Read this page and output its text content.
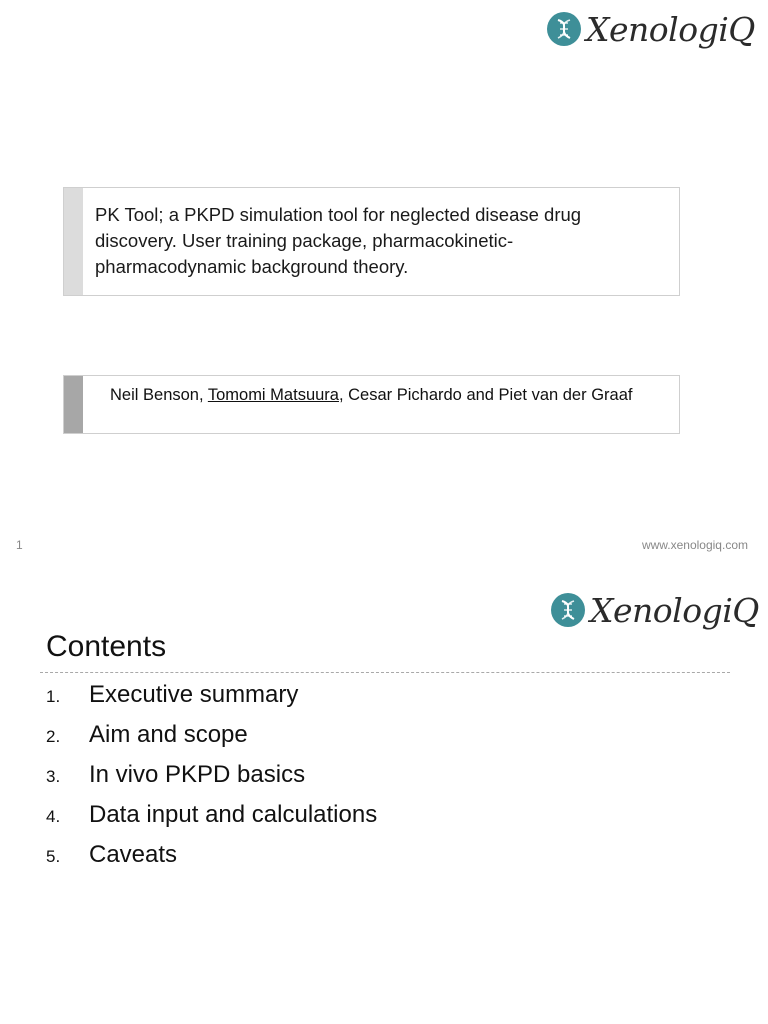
XenologiQ
PK Tool; a PKPD simulation tool for neglected disease drug discovery. User training package, pharmacokinetic-pharmacodynamic background theory.
Neil Benson, Tomomi Matsuura, Cesar Pichardo and Piet van der Graaf
1	www.xenologiq.com
XenologiQ
Contents
1.	Executive summary
2.	Aim and scope
3.	In vivo PKPD basics
4.	Data input and calculations
5.	Caveats
